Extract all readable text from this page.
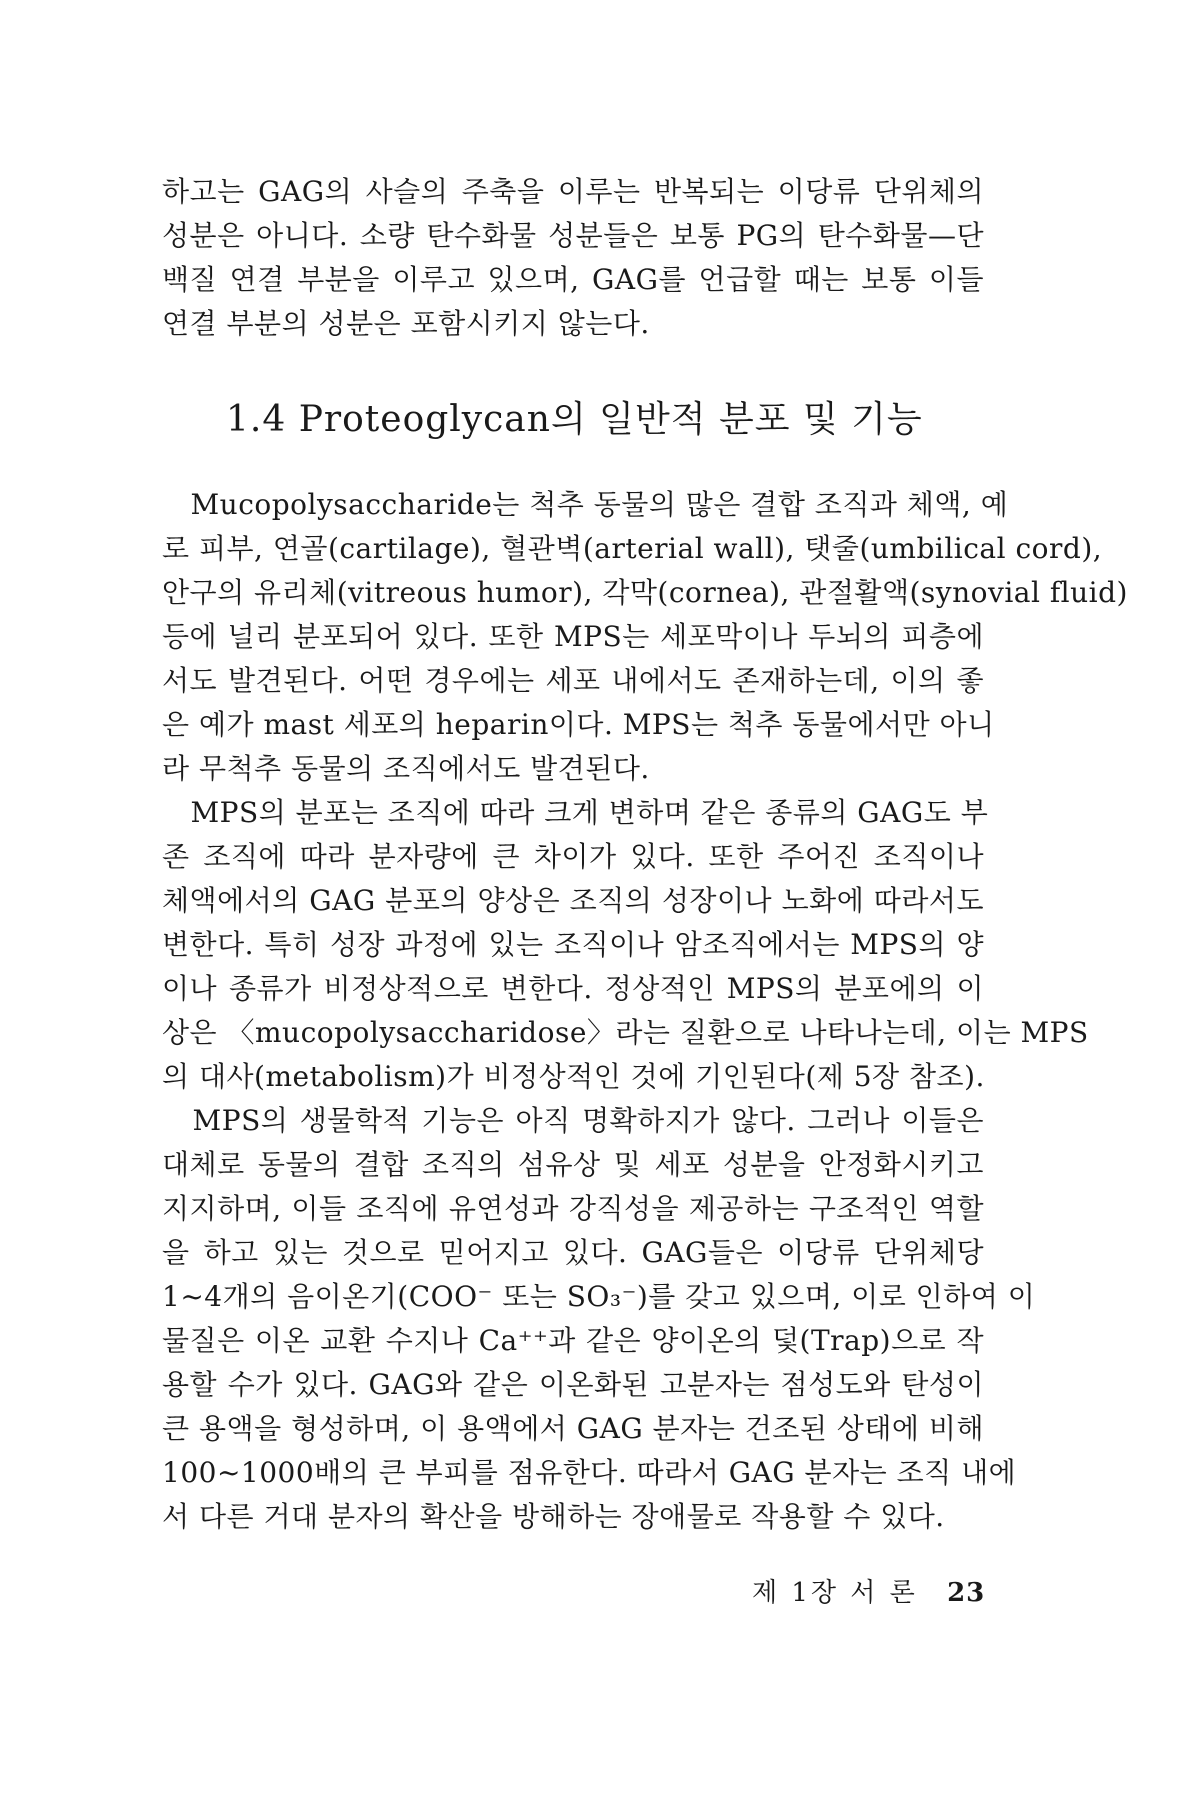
하고는 GAG의 사슬의 주축을 이루는 반복되는 이당류 단위체의
성분은 아니다. 소량 탄수화물 성분들은 보통 PG의 탄수화물—단
백질 연결 부분을 이루고 있으며, GAG를 언급할 때는 보통 이들
연결 부분의 성분은 포함시키지 않는다.
1.4 Proteoglycan의 일반적 분포 및 기능
　Mucopolysaccharide는 척추 동물의 많은 결합 조직과 체액, 예
로 피부, 연골(cartilage), 혈관벽(arterial wall), 탯줄(umbilical cord),
안구의 유리체(vitreous humor), 각막(cornea), 관절활액(synovial fluid)
등에 널리 분포되어 있다. 또한 MPS는 세포막이나 두뇌의 피층에
서도 발견된다. 어떤 경우에는 세포 내에서도 존재하는데, 이의 좋
은 예가 mast 세포의 heparin이다. MPS는 척추 동물에서만 아니
라 무척추 동물의 조직에서도 발견된다.
　MPS의 분포는 조직에 따라 크게 변하며 같은 종류의 GAG도 부
존 조직에 따라 분자량에 큰 차이가 있다. 또한 주어진 조직이나
체액에서의 GAG 분포의 양상은 조직의 성장이나 노화에 따라서도
변한다. 특히 성장 과정에 있는 조직이나 암조직에서는 MPS의 양
이나 종류가 비정상적으로 변한다. 정상적인 MPS의 분포에의 이
상은 〈mucopolysaccharidose〉라는 질환으로 나타나는데, 이는 MPS
의 대사(metabolism)가 비정상적인 것에 기인된다(제 5장 참조).
　MPS의 생물학적 기능은 아직 명확하지가 않다. 그러나 이들은
대체로 동물의 결합 조직의 섬유상 및 세포 성분을 안정화시키고
지지하며, 이들 조직에 유연성과 강직성을 제공하는 구조적인 역할
을 하고 있는 것으로 믿어지고 있다. GAG들은 이당류 단위체당
1~4개의 음이온기(COO⁻ 또는 SO₃⁻)를 갖고 있으며, 이로 인하여 이
물질은 이온 교환 수지나 Ca⁺⁺과 같은 양이온의 덫(Trap)으로 작
용할 수가 있다. GAG와 같은 이온화된 고분자는 점성도와 탄성이
큰 용액을 형성하며, 이 용액에서 GAG 분자는 건조된 상태에 비해
100~1000배의 큰 부피를 점유한다. 따라서 GAG 분자는 조직 내에
서 다른 거대 분자의 확산을 방해하는 장애물로 작용할 수 있다.
제 1장 서 론 23
